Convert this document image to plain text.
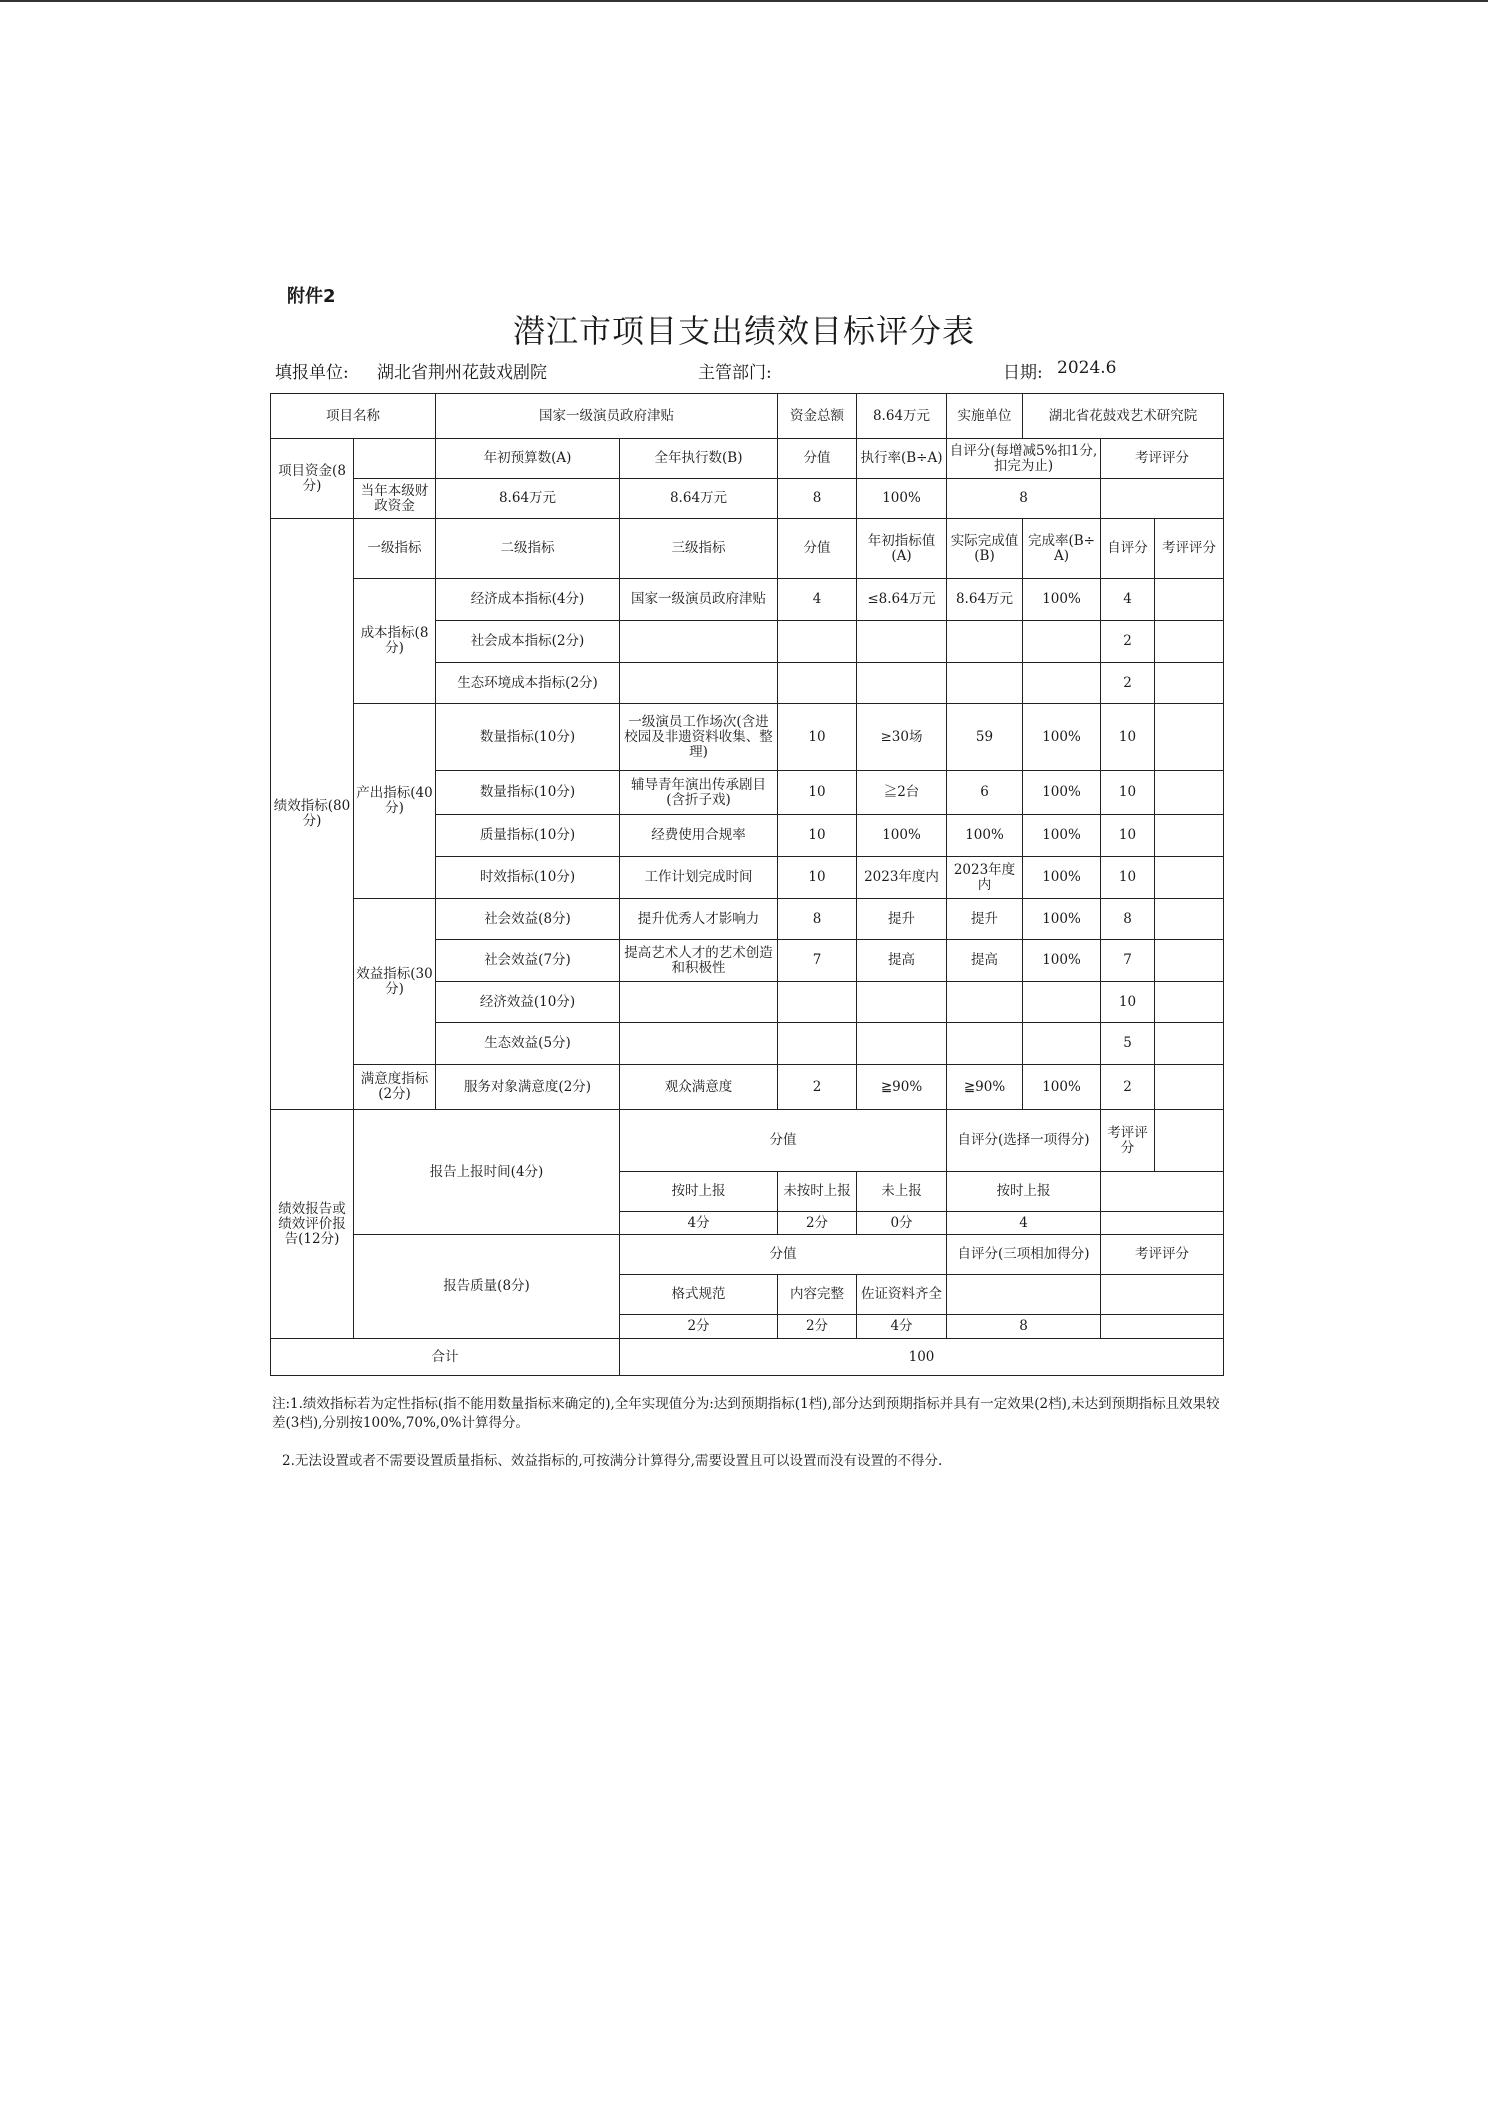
附件2
潜江市项目支出绩效目标评分表
填报单位: 湖北省荆州花鼓戏剧院	主管部门:	日期: 2024.6
项目名称		国家一级演员政府津贴		资金总额	8.64万元	实施单位	湖北省花鼓戏艺术研究院		
项目资金(8分)		年初预算数(A)	全年执行数(B)	分值	执行率(B÷A)	自评分(每增减5%扣1分,扣完为止)		考评评分	
	当年本级财政资金	8.64万元	8.64万元	8	100%	8			
绩效指标(80分)	一级指标	二级指标	三级指标	分值	年初指标值(A)	实际完成值(B)	完成率(B÷A)	自评分	考评评分
	成本指标(8分)	经济成本指标(4分)	国家一级演员政府津贴	4	≤8.64万元	8.64万元	100%	4	
		社会成本指标(2分)						2	
		生态环境成本指标(2分)						2	
	产出指标(40分)	数量指标(10分)	一级演员工作场次(含进校园及非遗资料收集、整理)	10	≥30场	59	100%	10	
		数量指标(10分)	辅导青年演出传承剧目(含折子戏)	10	≧2台	6	100%	10	
		质量指标(10分)	经费使用合规率	10	100%	100%	100%	10	
		时效指标(10分)	工作计划完成时间	10	2023年度内	2023年度内	100%	10	
	效益指标(30分)	社会效益(8分)	提升优秀人才影响力	8	提升	提升	100%	8	
		社会效益(7分)	提高艺术人才的艺术创造和积极性	7	提高	提高	100%	7	
		经济效益(10分)						10	
		生态效益(5分)						5	
	满意度指标(2分)	服务对象满意度(2分)	观众满意度	2	≧90%	≧90%	100%	2	
绩效报告或绩效评价报告(12分)	报告上报时间(4分)		分值			自评分(选择一项得分)		考评评分	
			按时上报	未按时上报	未上报	按时上报			
			4分	2分	0分	4			
	报告质量(8分)		分值			自评分(三项相加得分)		考评评分	
			格式规范	内容完整	佐证资料齐全				
			2分	2分	4分	8			
合计			100						
注:1.绩效指标若为定性指标(指不能用数量指标来确定的),全年实现值分为:达到预期指标(1档),部分达到预期指标并具有一定效果(2档),未达到预期指标且效果较差(3档),分别按100%,70%,0%计算得分。
2.无法设置或者不需要设置质量指标、效益指标的,可按满分计算得分,需要设置且可以设置而没有设置的不得分.
